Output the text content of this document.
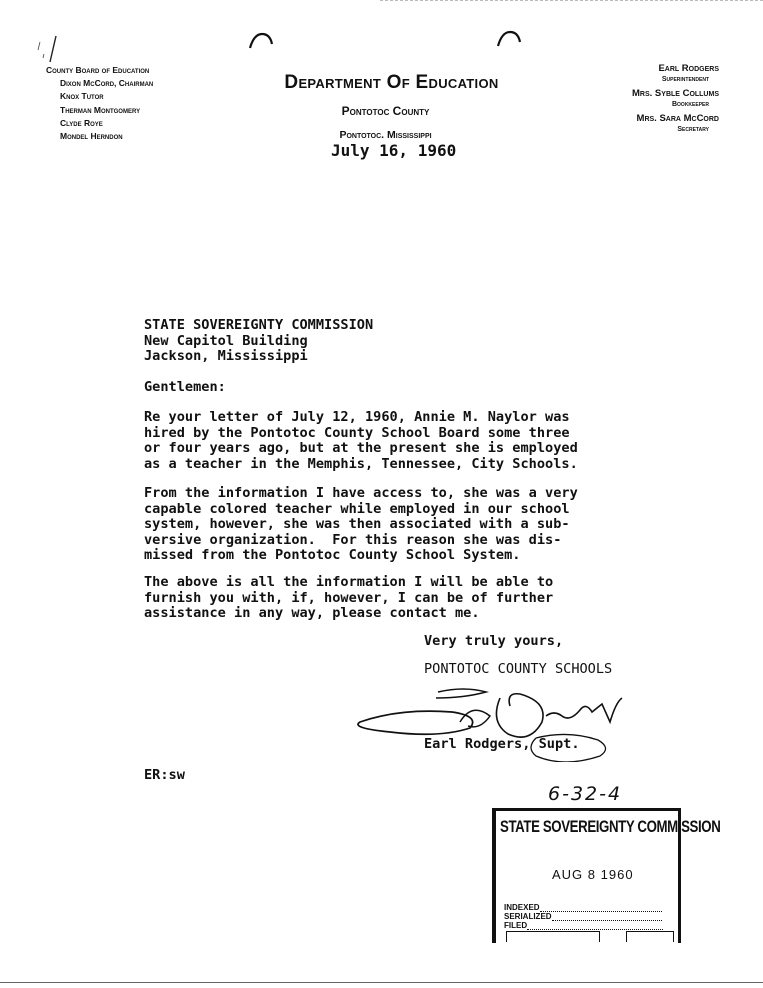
County Board of Education
Dixon McCord, Chairman
Knox Tutor
Therman Montgomery
Clyde Roye
Mondel Herndon
Earl Rodgers
Superintendent
Mrs. Syble Collums
Bookkeeper
Mrs. Sara McCord
Secretary
Department Of Education
Pontotoc County
Pontotoc. Mississippi
July 16, 1960
STATE SOVEREIGNTY COMMISSION
New Capitol Building
Jackson, Mississippi
Gentlemen:
Re your letter of July 12, 1960, Annie M. Naylor was
hired by the Pontotoc County School Board some three
or four years ago, but at the present she is employed
as a teacher in the Memphis, Tennessee, City Schools.
From the information I have access to, she was a very
capable colored teacher while employed in our school
system, however, she was then associated with a sub-
versive organization.  For this reason she was dis-
missed from the Pontotoc County School System.
The above is all the information I will be able to
furnish you with, if, however, I can be of further
assistance in any way, please contact me.
Very truly yours,
PONTOTOC COUNTY SCHOOLS
Earl Rodgers, Supt.
ER:sw
6-32-4
STATE SOVEREIGNTY COMMISSION
AUG 8 1960
INDEXED
SERIALIZED
FILED
